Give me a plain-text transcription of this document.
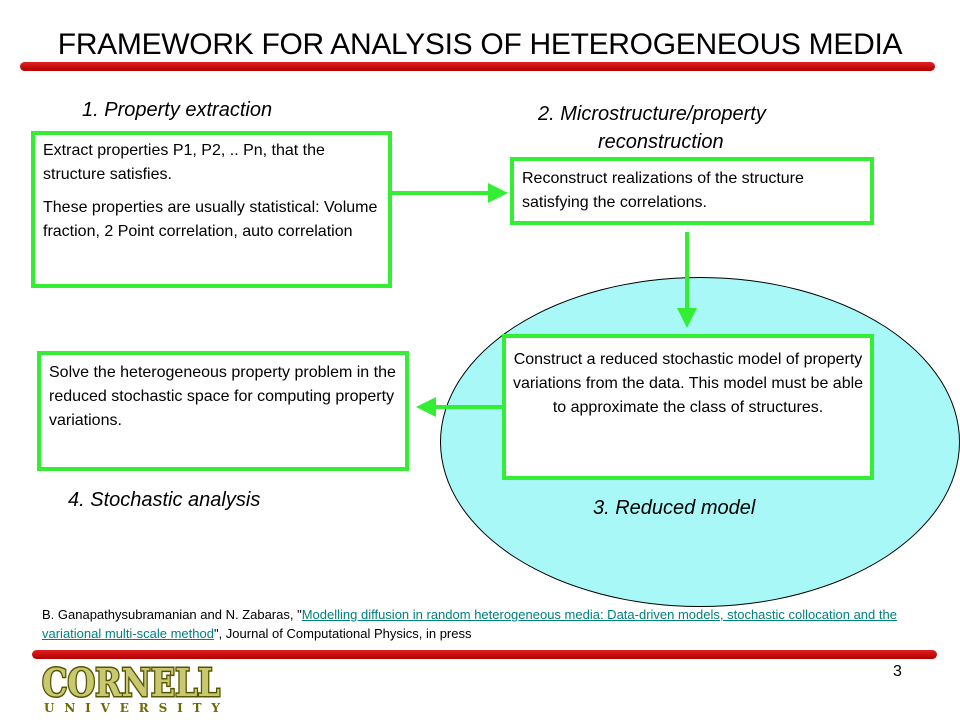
FRAMEWORK FOR ANALYSIS OF HETEROGENEOUS MEDIA
1. Property extraction	2. Microstructure/property
reconstruction

Extract properties P1, P2, .. Pn, that the structure satisfies.

These properties are usually statistical: Volume fraction, 2 Point correlation, auto correlation

Reconstruct realizations of the structure satisfying the correlations.

Construct a reduced stochastic model of property variations from the data. This model must be able to approximate the class of structures.

Solve the heterogeneous property problem in the reduced stochastic space for computing property variations.

4. Stochastic analysis	3. Reduced model
B. Ganapathysubramanian and N. Zabaras, "Modelling diffusion in random heterogeneous media: Data-driven models, stochastic collocation and the variational multi-scale method", Journal of Computational Physics, in press
CORNELL
CORNELL
U N I V E R S I T Y
3
